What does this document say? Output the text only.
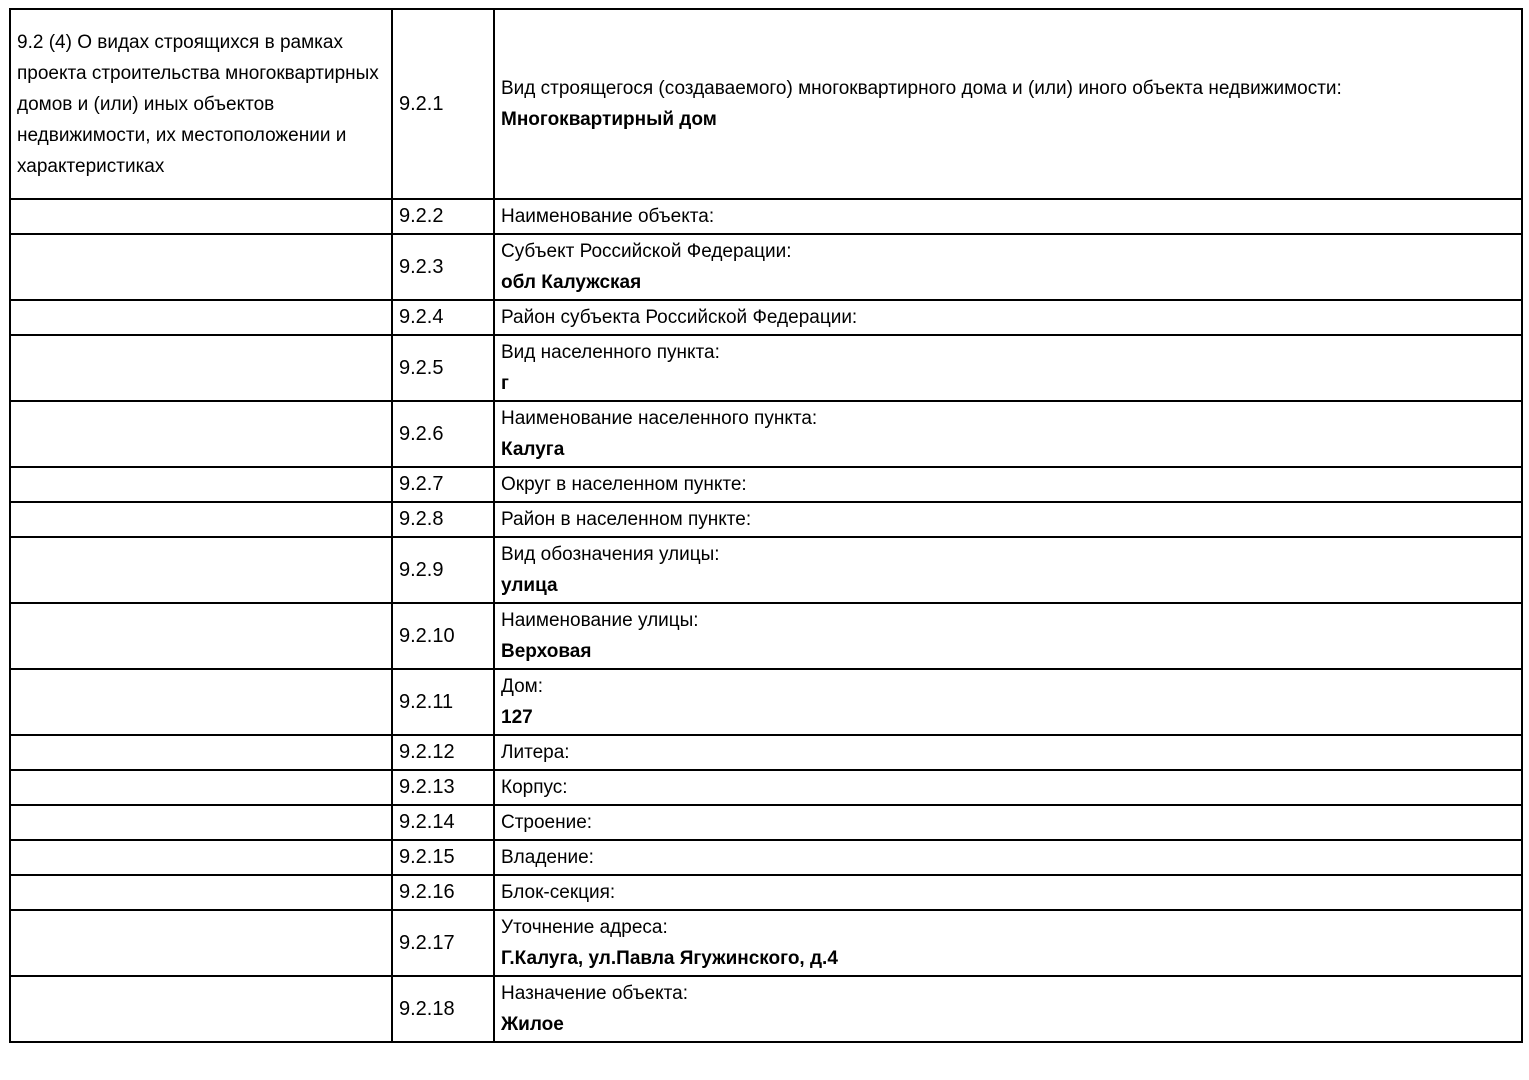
9.2 (4) О видах строящихся в рамках проекта строительства многоквартирных домов и (или) иных объектов недвижимости, их местоположении и характеристиках	9.2.1	Вид строящегося (создаваемого) многоквартирного дома и (или) иного объекта недвижимости:
Многоквартирный дом

	9.2.2	Наименование объекта:

	9.2.3	Субъект Российской Федерации:
обл Калужская

	9.2.4	Район субъекта Российской Федерации:

	9.2.5	Вид населенного пункта:
г

	9.2.6	Наименование населенного пункта:
Калуга

	9.2.7	Округ в населенном пункте:

	9.2.8	Район в населенном пункте:

	9.2.9	Вид обозначения улицы:
улица

	9.2.10	Наименование улицы:
Верховая

	9.2.11	Дом:
127

	9.2.12	Литера:

	9.2.13	Корпус:

	9.2.14	Строение:

	9.2.15	Владение:

	9.2.16	Блок-секция:

	9.2.17	Уточнение адреса:
Г.Калуга, ул.Павла Ягужинского, д.4

	9.2.18	Назначение объекта:
Жилое
